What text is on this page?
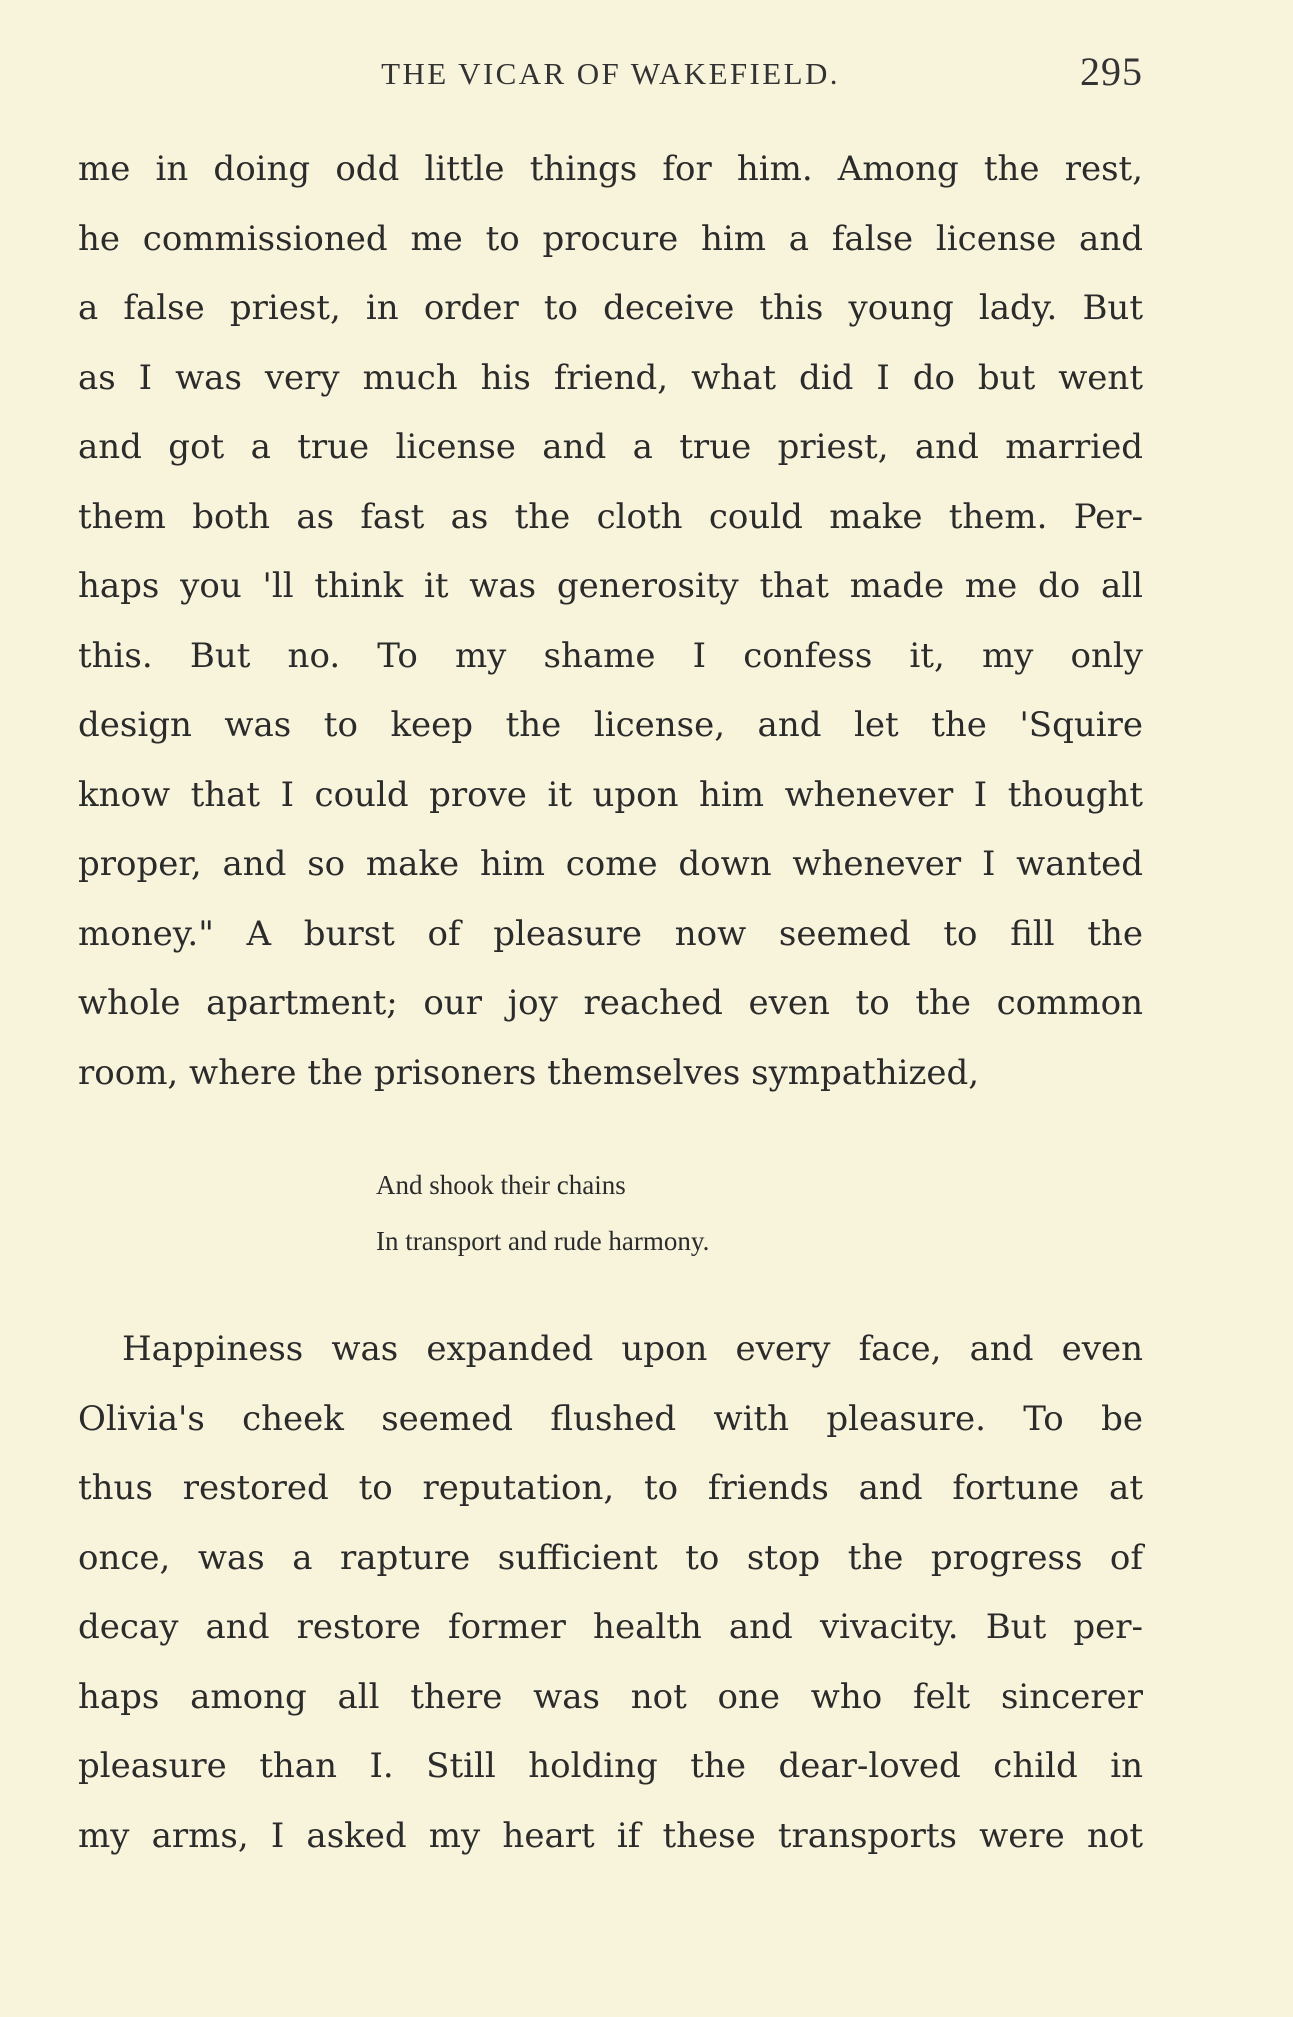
THE VICAR OF WAKEFIELD.	295
me in doing odd little things for him. Among the rest,
he commissioned me to procure him a false license and
a false priest, in order to deceive this young lady. But
as I was very much his friend, what did I do but went
and got a true license and a true priest, and married
them both as fast as the cloth could make them. Per-
haps you 'll think it was generosity that made me do all
this. But no. To my shame I confess it, my only
design was to keep the license, and let the 'Squire
know that I could prove it upon him whenever I thought
proper, and so make him come down whenever I wanted
money." A burst of pleasure now seemed to fill the
whole apartment; our joy reached even to the common
room, where the prisoners themselves sympathized,
And shook their chains
In transport and rude harmony.
Happiness was expanded upon every face, and even
Olivia's cheek seemed flushed with pleasure. To be
thus restored to reputation, to friends and fortune at
once, was a rapture sufficient to stop the progress of
decay and restore former health and vivacity. But per-
haps among all there was not one who felt sincerer
pleasure than I. Still holding the dear-loved child in
my arms, I asked my heart if these transports were not
